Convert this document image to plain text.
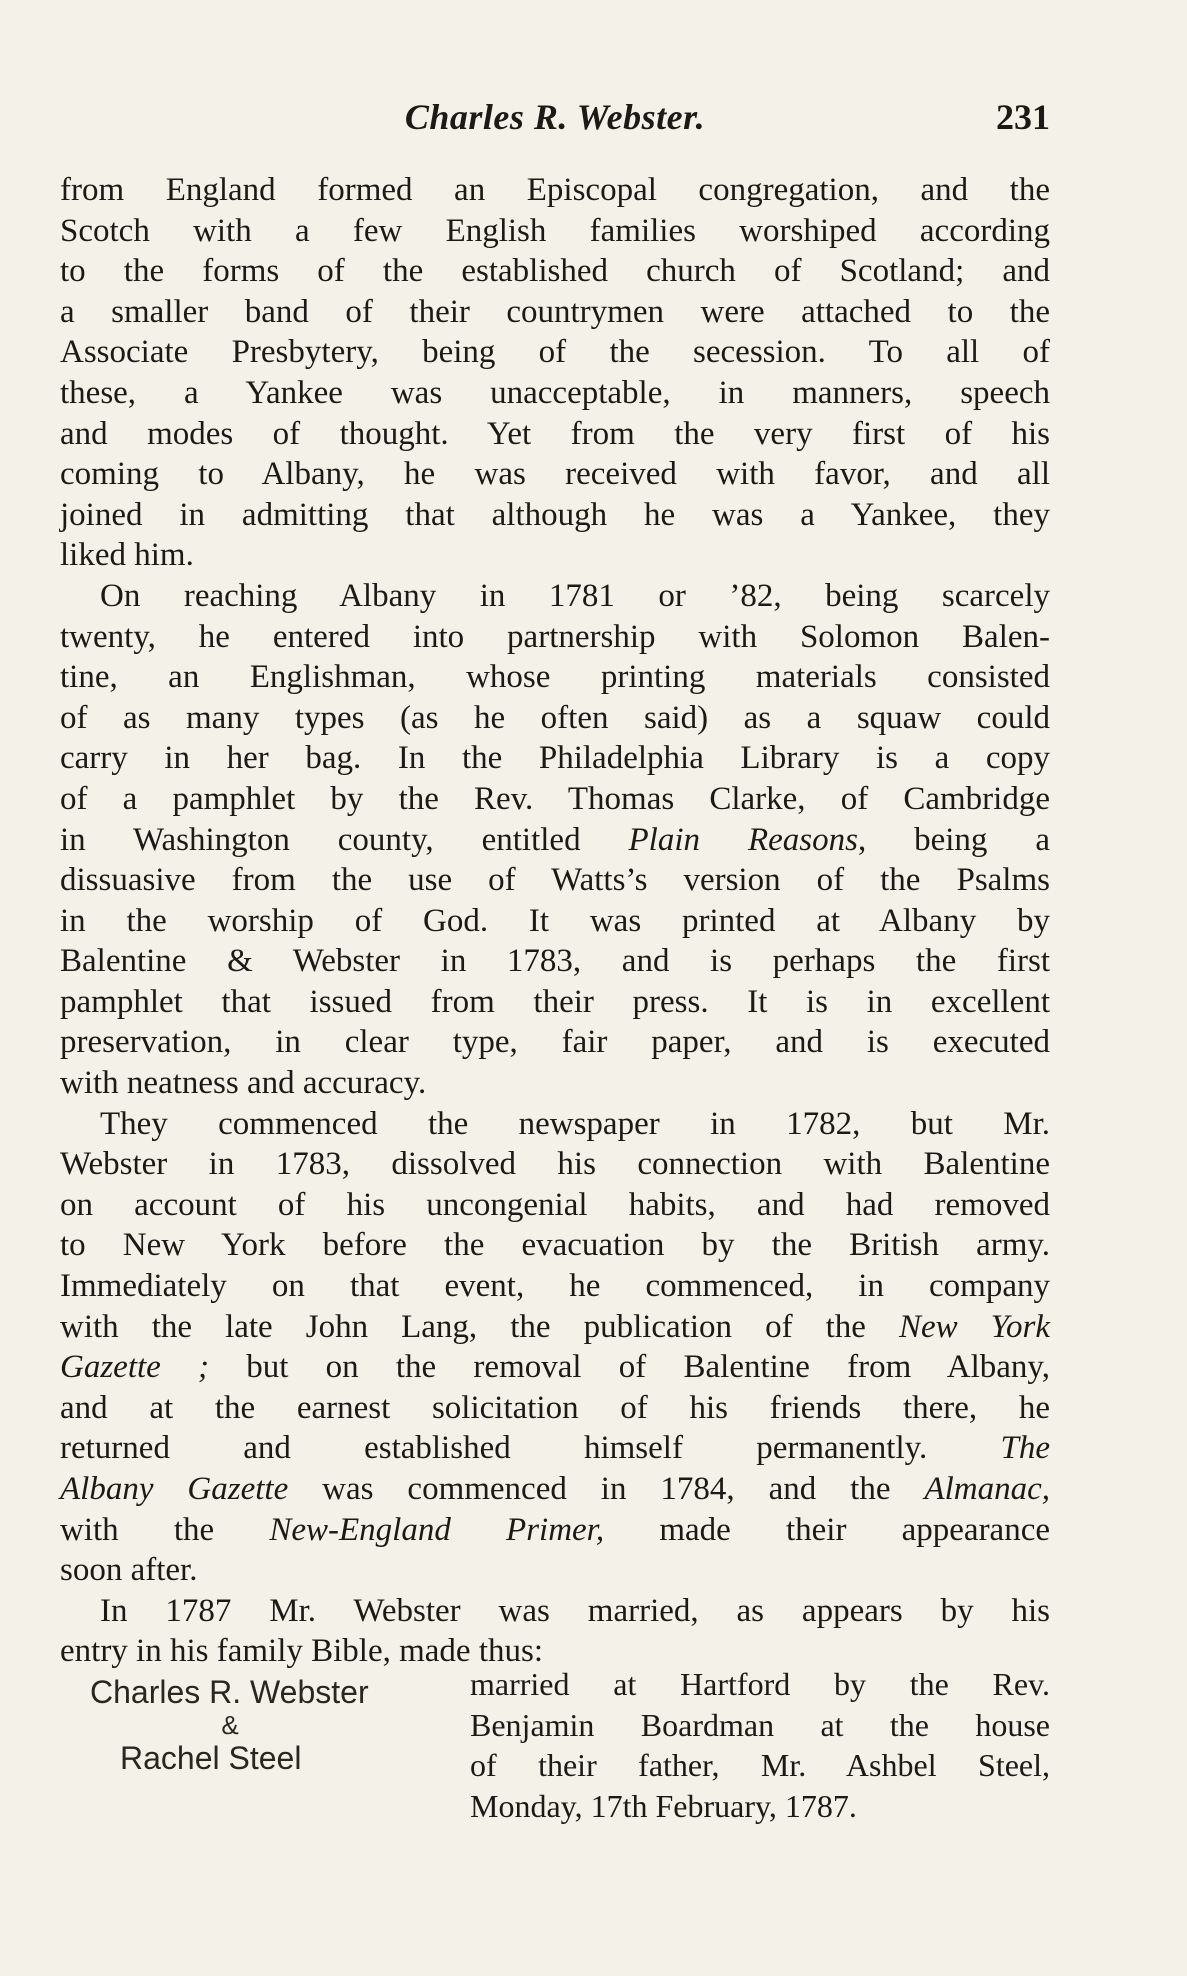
Charles R. Webster.	231
from England formed an Episcopal congregation, and the
Scotch with a few English families worshiped according
to the forms of the established church of Scotland; and
a smaller band of their countrymen were attached to the
Associate Presbytery, being of the secession. To all of
these, a Yankee was unacceptable, in manners, speech
and modes of thought. Yet from the very first of his
coming to Albany, he was received with favor, and all
joined in admitting that although he was a Yankee, they
liked him.
On reaching Albany in 1781 or ’82, being scarcely
twenty, he entered into partnership with Solomon Balen-
tine, an Englishman, whose printing materials consisted
of as many types (as he often said) as a squaw could
carry in her bag. In the Philadelphia Library is a copy
of a pamphlet by the Rev. Thomas Clarke, of Cambridge
in Washington county, entitled Plain Reasons, being a
dissuasive from the use of Watts’s version of the Psalms
in the worship of God. It was printed at Albany by
Balentine & Webster in 1783, and is perhaps the first
pamphlet that issued from their press. It is in excellent
preservation, in clear type, fair paper, and is executed
with neatness and accuracy.
They commenced the newspaper in 1782, but Mr.
Webster in 1783, dissolved his connection with Balentine
on account of his uncongenial habits, and had removed
to New York before the evacuation by the British army.
Immediately on that event, he commenced, in company
with the late John Lang, the publication of the New York
Gazette ; but on the removal of Balentine from Albany,
and at the earnest solicitation of his friends there, he
returned and established himself permanently. The
Albany Gazette was commenced in 1784, and the Almanac,
with the New-England Primer, made their appearance
soon after.
In 1787 Mr. Webster was married, as appears by his
entry in his family Bible, made thus:
Charles R. Webster
&
Rachel Steel
married at Hartford by the Rev.
Benjamin Boardman at the house
of their father, Mr. Ashbel Steel,
Monday, 17th February, 1787.
